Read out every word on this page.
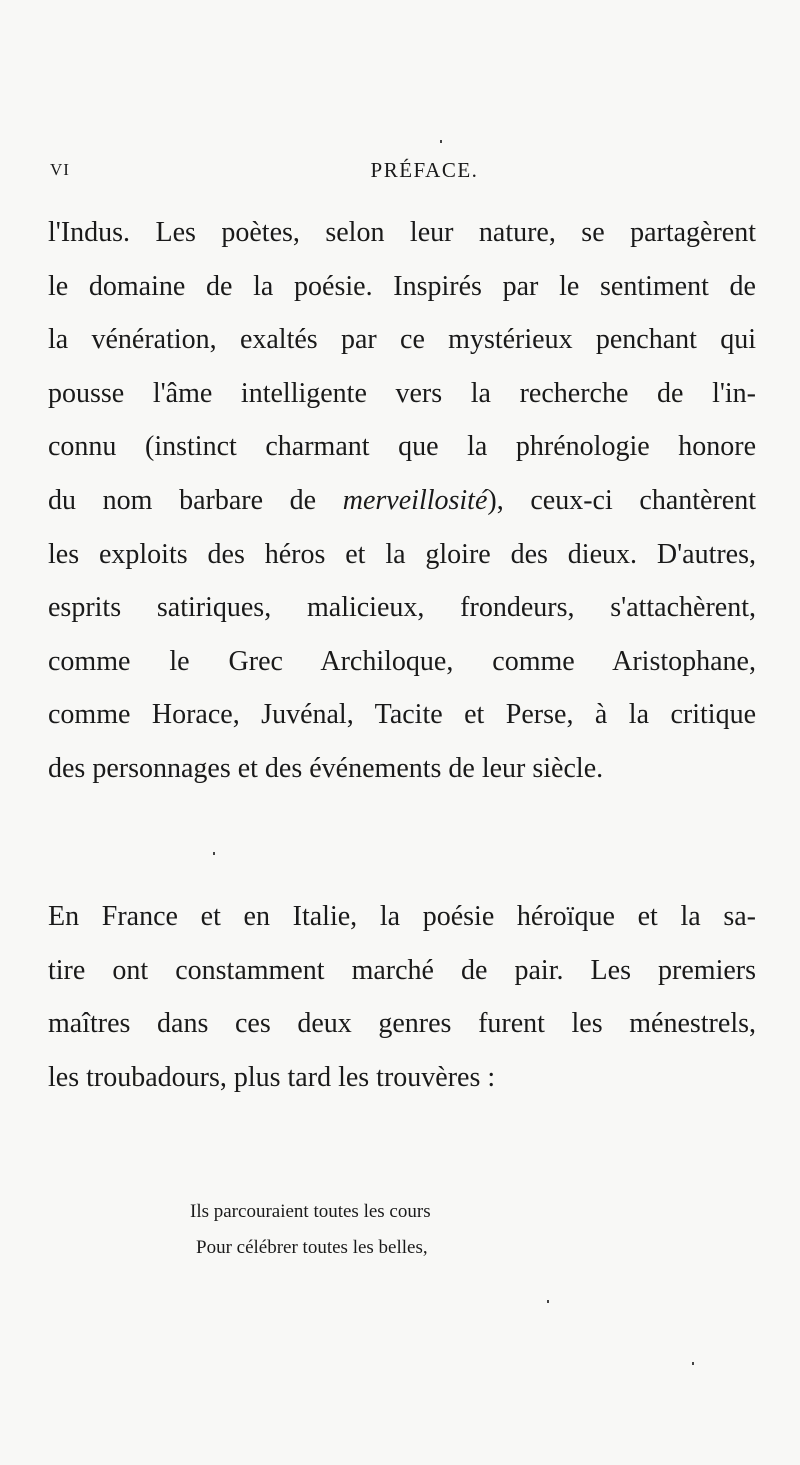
VI	PRÉFACE.
l'Indus. Les poètes, selon leur nature, se partagèrent
le domaine de la poésie. Inspirés par le sentiment de
la vénération, exaltés par ce mystérieux penchant qui
pousse l'âme intelligente vers la recherche de l'in-
connu (instinct charmant que la phrénologie honore
du nom barbare de merveillosité), ceux-ci chantèrent
les exploits des héros et la gloire des dieux. D'autres,
esprits satiriques, malicieux, frondeurs, s'attachèrent,
comme le Grec Archiloque, comme Aristophane,
comme Horace, Juvénal, Tacite et Perse, à la critique
des personnages et des événements de leur siècle.
En France et en Italie, la poésie héroïque et la sa-
tire ont constamment marché de pair. Les premiers
maîtres dans ces deux genres furent les ménestrels,
les troubadours, plus tard les trouvères :
Ils parcouraient toutes les cours
Pour célébrer toutes les belles,
